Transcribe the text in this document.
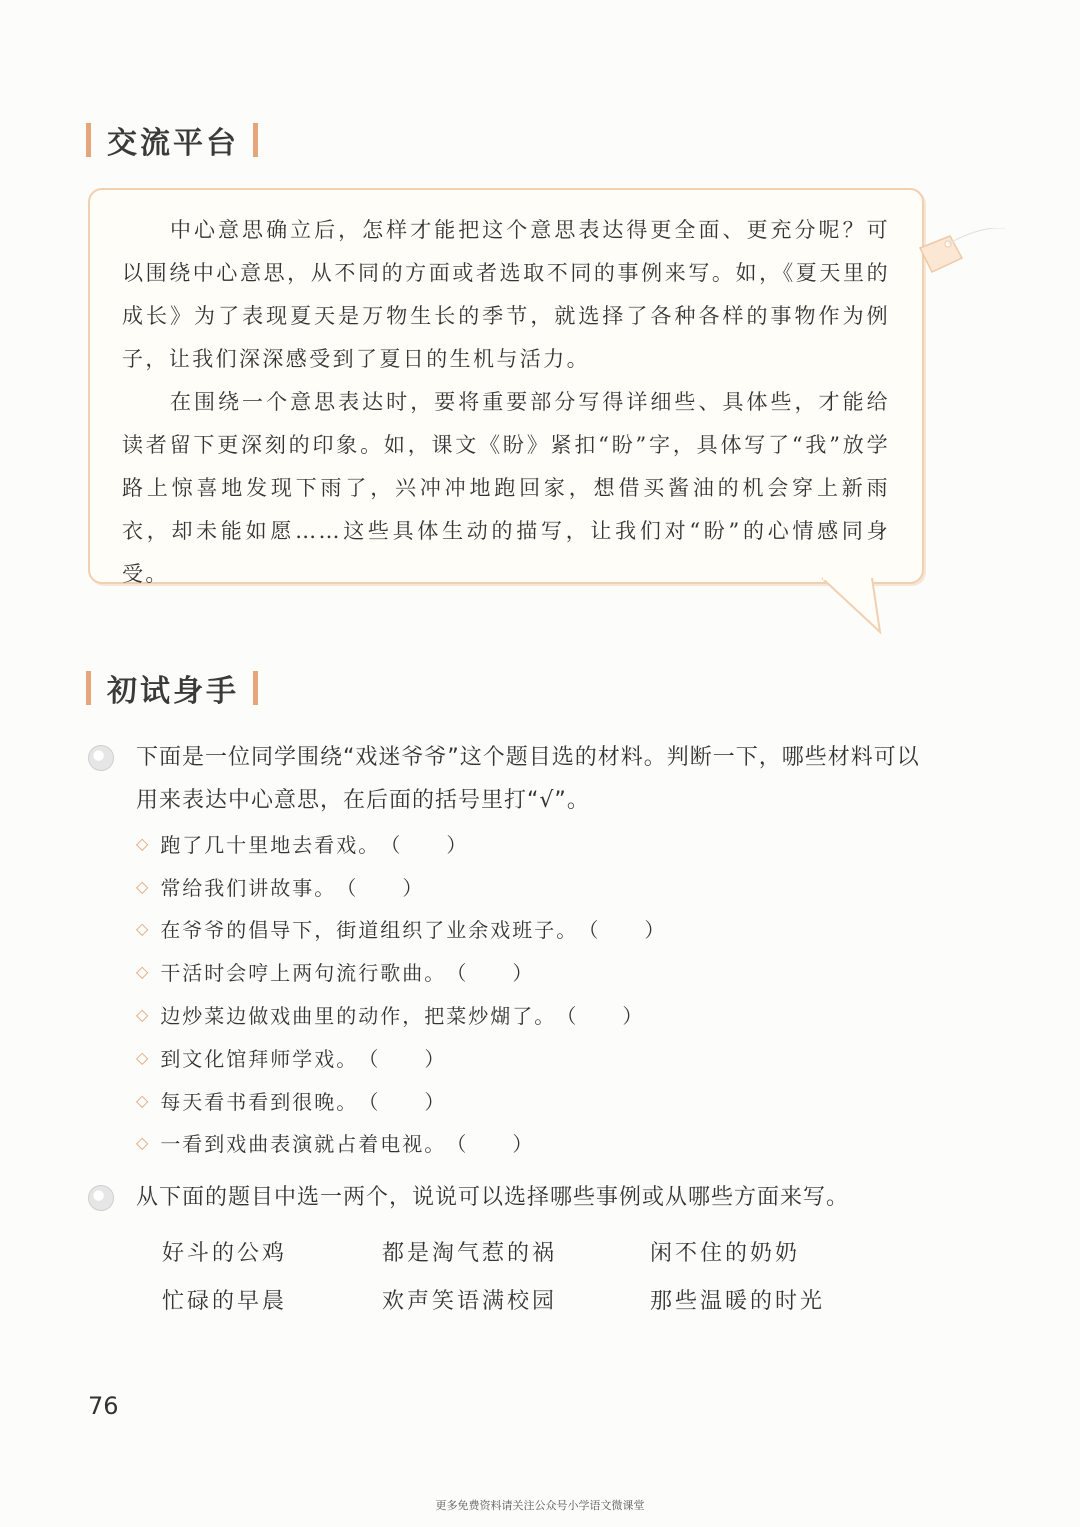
交流平台

中心意思确立后，怎样才能把这个意思表达得更全面、更充分呢？可以围绕中心意思，从不同的方面或者选取不同的事例来写。如，《夏天里的成长》为了表现夏天是万物生长的季节，就选择了各种各样的事物作为例子，让我们深深感受到了夏日的生机与活力。

在围绕一个意思表达时，要将重要部分写得详细些、具体些，才能给读者留下更深刻的印象。如，课文《盼》紧扣“盼”字，具体写了“我”放学路上惊喜地发现下雨了，兴冲冲地跑回家，想借买酱油的机会穿上新雨衣，却未能如愿……这些具体生动的描写，让我们对“盼”的心情感同身受。

初试身手

下面是一位同学围绕“戏迷爷爷”这个题目选的材料。判断一下，哪些材料可以用来表达中心意思，在后面的括号里打“√”。

◇ 跑了几十里地去看戏。 （ ）
◇ 常给我们讲故事。 （ ）
◇ 在爷爷的倡导下，街道组织了业余戏班子。 （ ）
◇ 干活时会哼上两句流行歌曲。 （ ）
◇ 边炒菜边做戏曲里的动作，把菜炒煳了。 （ ）
◇ 到文化馆拜师学戏。 （ ）
◇ 每天看书看到很晚。 （ ）
◇ 一看到戏曲表演就占着电视。 （ ）

从下面的题目中选一两个，说说可以选择哪些事例或从哪些方面来写。

好斗的公鸡	都是淘气惹的祸	闲不住的奶奶
忙碌的早晨	欢声笑语满校园	那些温暖的时光
76
更多免费资料请关注公众号小学语文微课堂
